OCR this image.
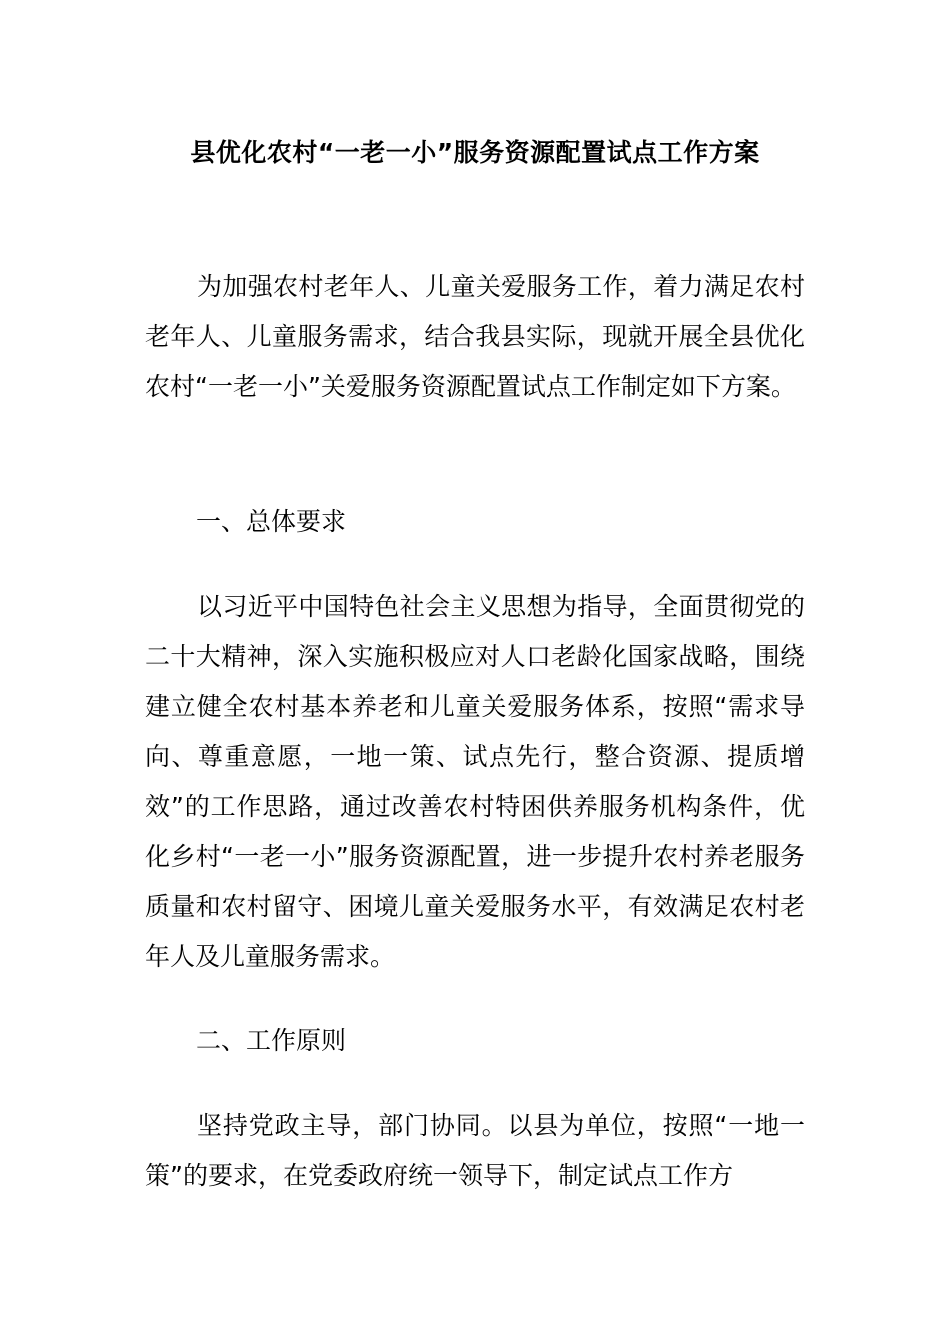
县优化农村“一老一小”服务资源配置试点工作方案

为加强农村老年人、儿童关爱服务工作，着力满足农村老年人、儿童服务需求，结合我县实际，现就开展全县优化农村“一老一小”关爱服务资源配置试点工作制定如下方案。

一、总体要求

以习近平中国特色社会主义思想为指导，全面贯彻党的二十大精神，深入实施积极应对人口老龄化国家战略，围绕建立健全农村基本养老和儿童关爱服务体系，按照“需求导向、尊重意愿，一地一策、试点先行，整合资源、提质增效”的工作思路，通过改善农村特困供养服务机构条件，优化乡村“一老一小”服务资源配置，进一步提升农村养老服务质量和农村留守、困境儿童关爱服务水平，有效满足农村老年人及儿童服务需求。

二、工作原则

坚持党政主导，部门协同。以县为单位，按照“一地一策”的要求，在党委政府统一领导下，制定试点工作方
